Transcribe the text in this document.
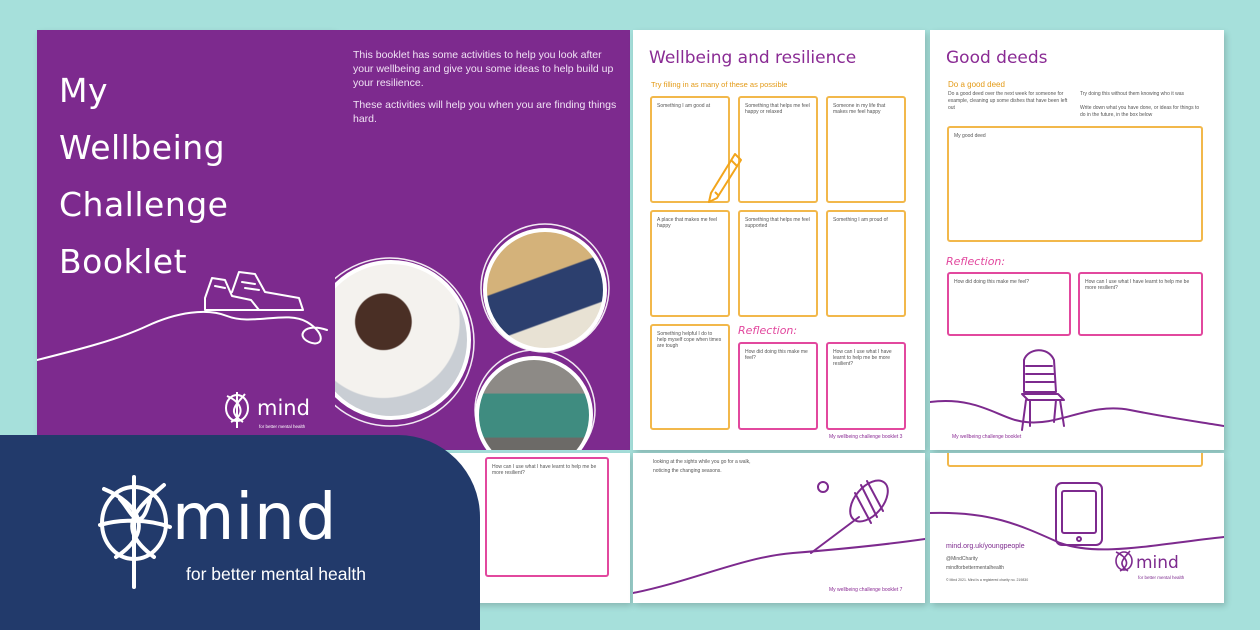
My
Wellbeing
Challenge
Booklet
mind
for better mental health

This booklet has some activities to help you look after your wellbeing and give you some ideas to help build up your resilience.

These activities will help you when you are finding things hard.

Wellbeing and resilience
Try filling in as many of these as possible
Something I am good at	Something that helps me feel happy or relaxed
Someone in my life that makes me feel happy
A place that makes me feel happy
Something that helps me feel supported
Something I am proud of
Something helpful I do to help myself cope when times are tough
Reflection:
How did doing this make me feel?
How can I use what I have learnt to help me be more resilient?
My wellbeing challenge booklet 3
Good deeds
Do a good deed
Do a good deed over the next week for someone for example, cleaning up some dishes that have been left out
Try doing this without them knowing who it was
Write down what you have done, or ideas for things to do in the future, in the box below
My good deed
Reflection:
How did doing this make me feel?	How can I use what I have learnt to help me be more resilient?
My wellbeing challenge booklet
How can I use what I have learnt to help me be more resilient?
looking at the sights while you go for a walk,
noticing the changing seasons.
My wellbeing challenge booklet 7
mind.org.uk/youngpeople
@MindCharity
mindforbettermentalhealth
© Mind 2021. Mind is a registered charity no. 219830
mind
for better mental health
mind
for better mental health
